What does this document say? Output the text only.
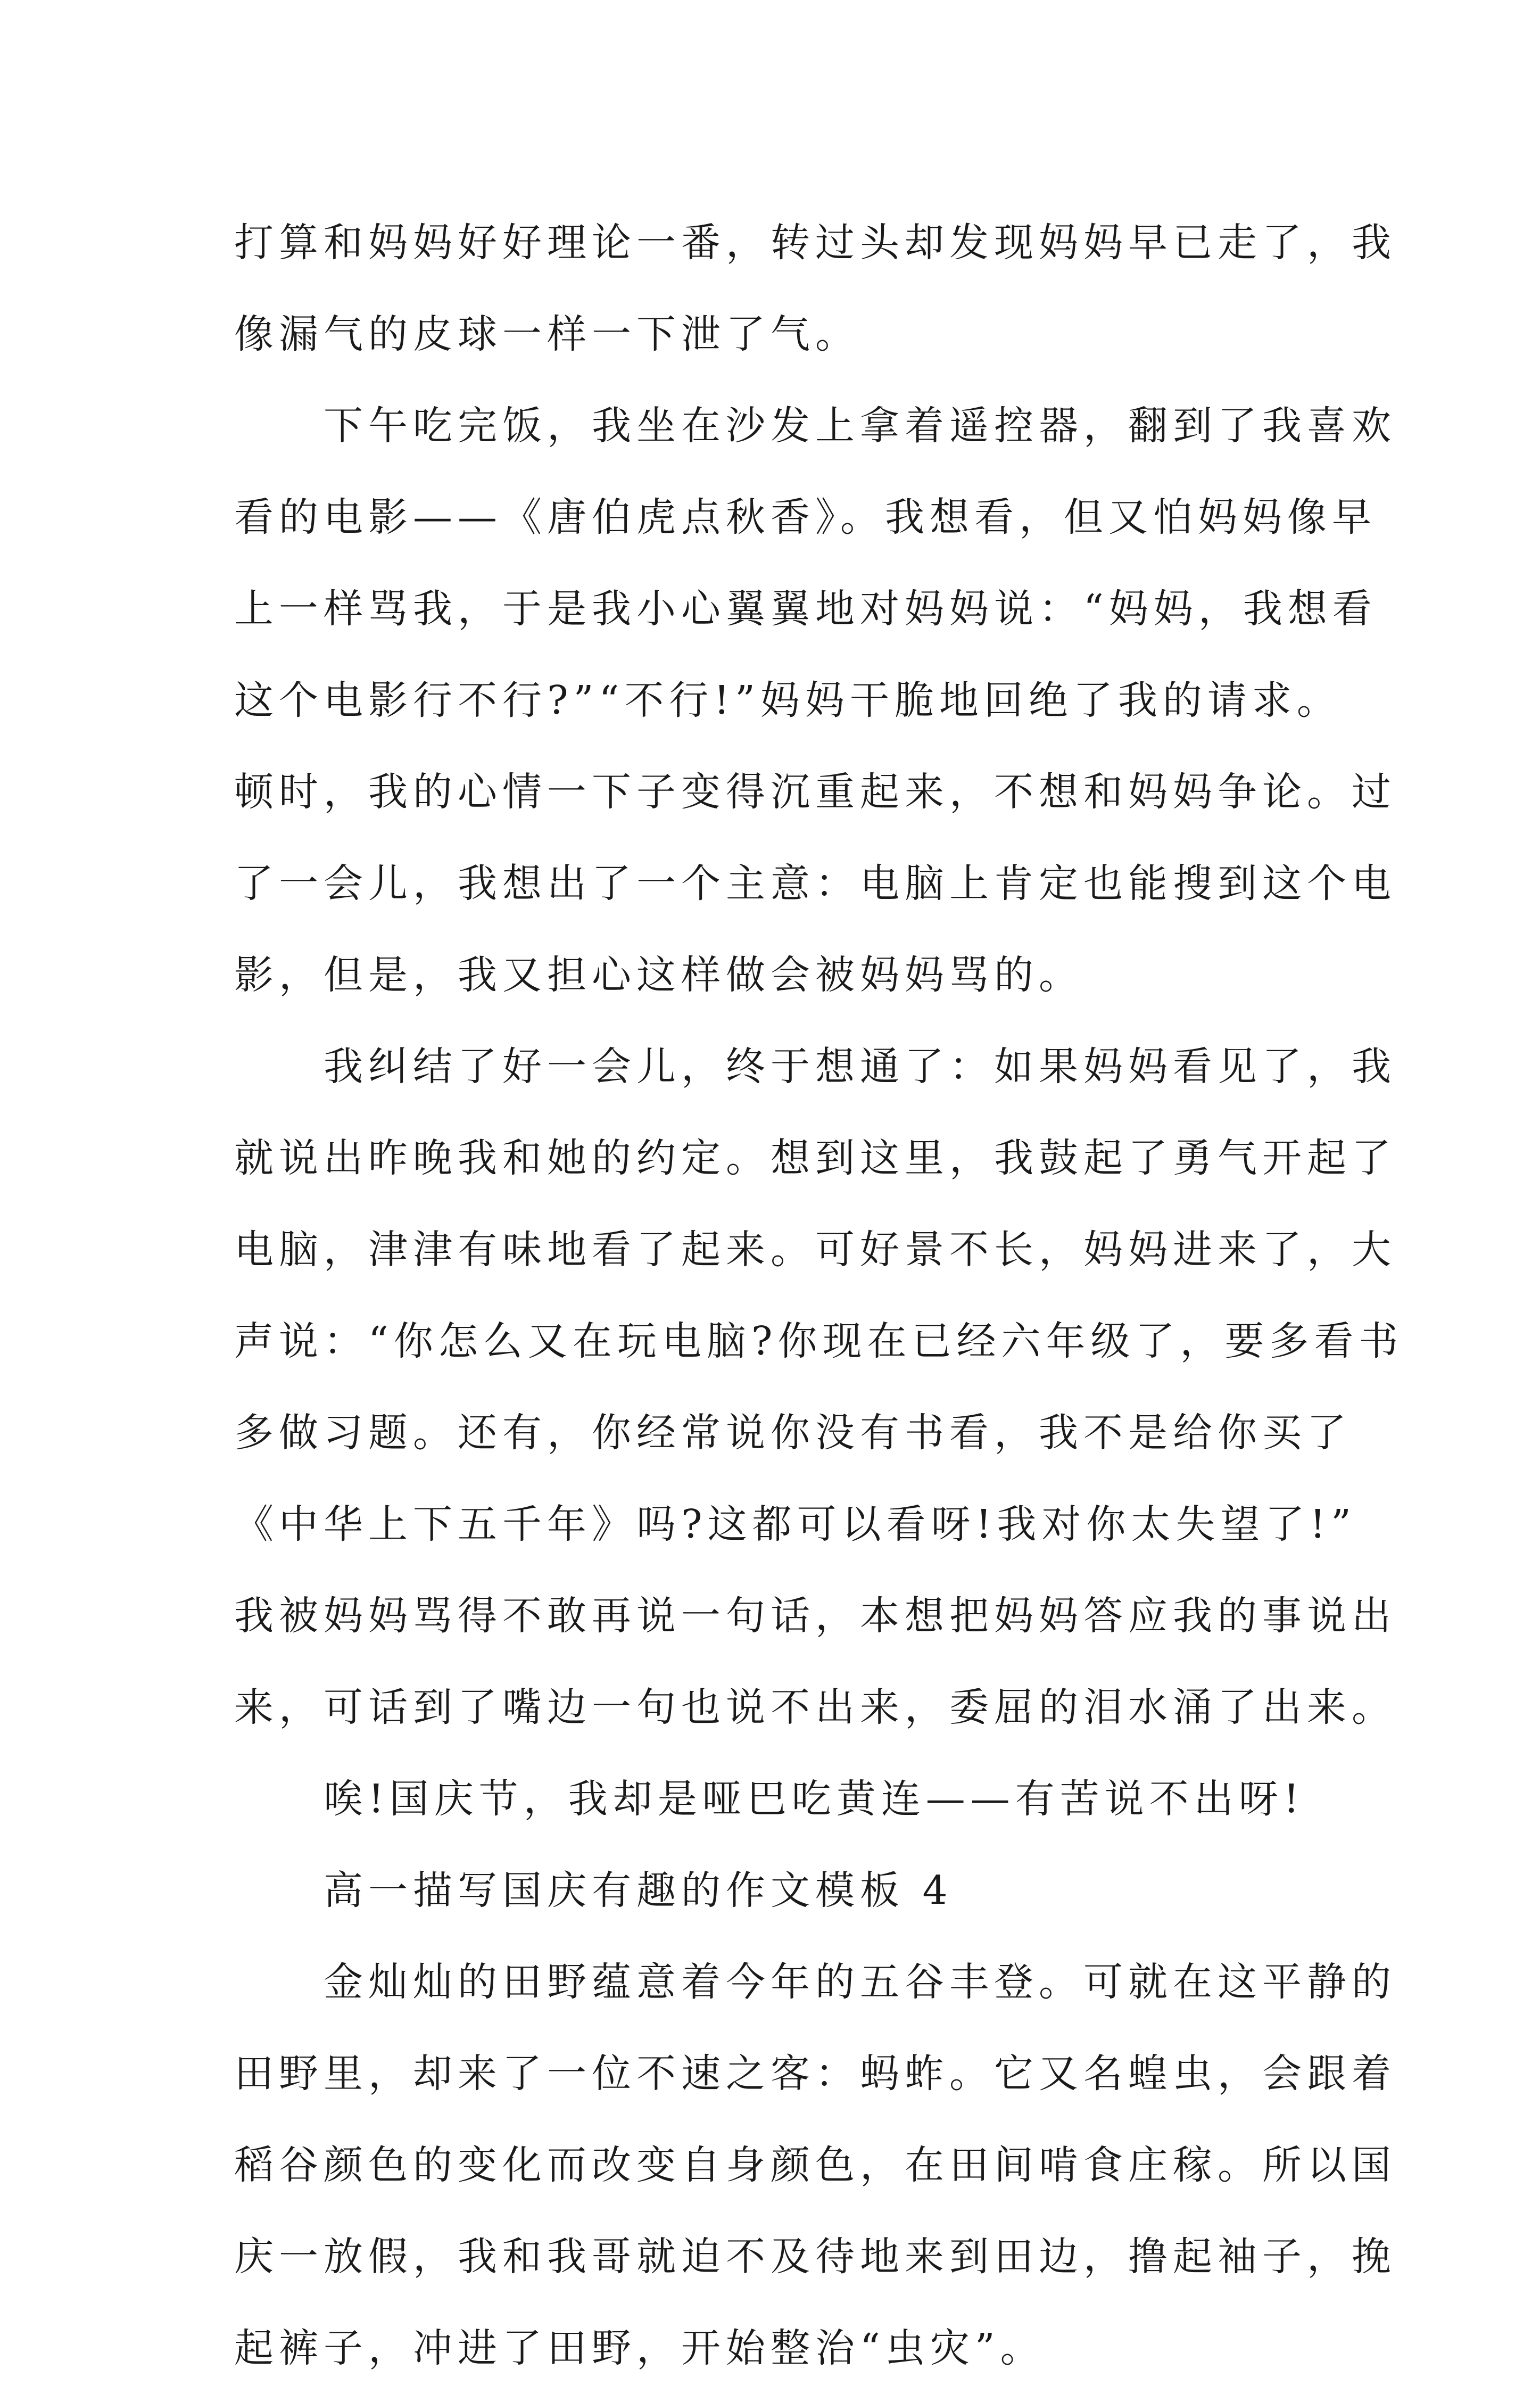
打算和妈妈好好理论一番，转过头却发现妈妈早已走了，我
像漏气的皮球一样一下泄了气。

下午吃完饭，我坐在沙发上拿着遥控器，翻到了我喜欢
看的电影——《唐伯虎点秋香》。我想看，但又怕妈妈像早
上一样骂我，于是我小心翼翼地对妈妈说：“妈妈，我想看
这个电影行不行?”“不行!”妈妈干脆地回绝了我的请求。
顿时，我的心情一下子变得沉重起来，不想和妈妈争论。过
了一会儿，我想出了一个主意：电脑上肯定也能搜到这个电
影，但是，我又担心这样做会被妈妈骂的。

我纠结了好一会儿，终于想通了：如果妈妈看见了，我
就说出昨晚我和她的约定。想到这里，我鼓起了勇气开起了
电脑，津津有味地看了起来。可好景不长，妈妈进来了，大
声说：“你怎么又在玩电脑?你现在已经六年级了，要多看书
多做习题。还有，你经常说你没有书看，我不是给你买了
《中华上下五千年》吗?这都可以看呀!我对你太失望了!”
我被妈妈骂得不敢再说一句话，本想把妈妈答应我的事说出
来，可话到了嘴边一句也说不出来，委屈的泪水涌了出来。

唉!国庆节，我却是哑巴吃黄连——有苦说不出呀!

高一描写国庆有趣的作文模板 4

金灿灿的田野蕴意着今年的五谷丰登。可就在这平静的
田野里，却来了一位不速之客：蚂蚱。它又名蝗虫，会跟着
稻谷颜色的变化而改变自身颜色，在田间啃食庄稼。所以国
庆一放假，我和我哥就迫不及待地来到田边，撸起袖子，挽
起裤子，冲进了田野，开始整治“虫灾”。
